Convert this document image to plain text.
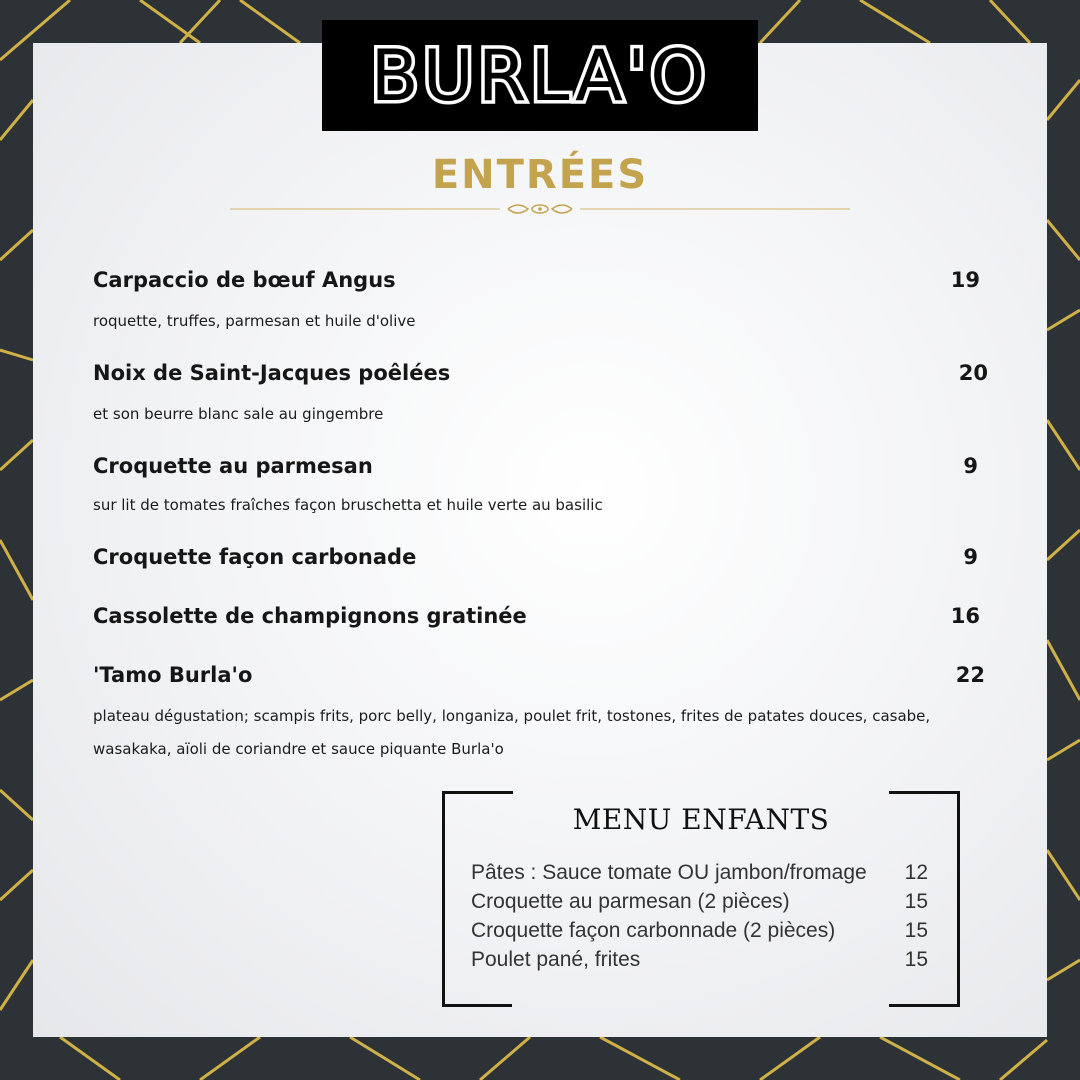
BURLA'O
ENTRÉES
Carpaccio de bœuf Angus	19
roquette, truffes, parmesan et huile d'olive
Noix de Saint-Jacques poêlées	20
et son beurre blanc sale au gingembre
Croquette au parmesan	9
sur lit de tomates fraîches façon bruschetta et huile verte au basilic
Croquette façon carbonade	9
Cassolette de champignons gratinée	16
'Tamo Burla'o	22
plateau dégustation; scampis frits, porc belly, longaniza, poulet frit, tostones, frites de patates douces, casabe,
wasakaka, aïoli de coriandre et sauce piquante Burla'o
MENU ENFANTS
Pâtes : Sauce tomate OU jambon/fromage 12
Croquette au parmesan (2 pièces)	15
Croquette façon carbonnade (2 pièces)	15
Poulet pané, frites	15
